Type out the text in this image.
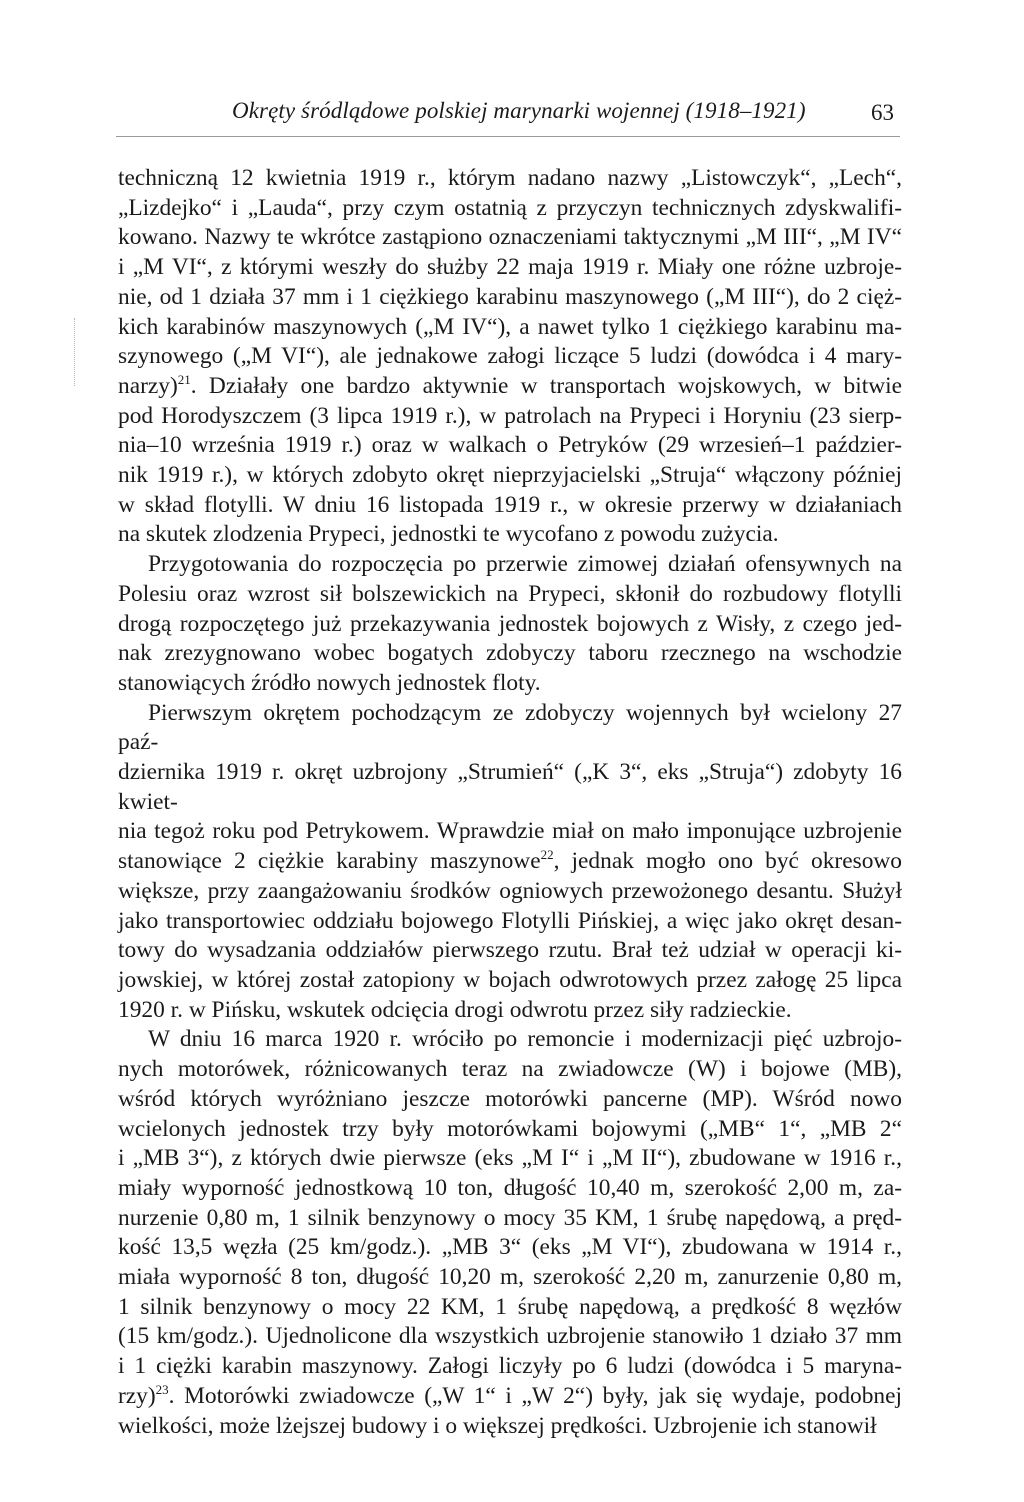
Okręty śródlądowe polskiej marynarki wojennej (1918–1921)	63
techniczną 12 kwietnia 1919 r., którym nadano nazwy „Listowczyk“, „Lech“,
„Lizdejko“ i „Lauda“, przy czym ostatnią z przyczyn technicznych zdyskwalifi-
kowano. Nazwy te wkrótce zastąpiono oznaczeniami taktycznymi „M III“, „M IV“
i „M VI“, z którymi weszły do służby 22 maja 1919 r. Miały one różne uzbroje-
nie, od 1 działa 37 mm i 1 ciężkiego karabinu maszynowego („M III“), do 2 cięż-
kich karabinów maszynowych („M IV“), a nawet tylko 1 ciężkiego karabinu ma-
szynowego („M VI“), ale jednakowe załogi liczące 5 ludzi (dowódca i 4 mary-
narzy)$^{21}$. Działały one bardzo aktywnie w transportach wojskowych, w bitwie
pod Horodyszczem (3 lipca 1919 r.), w patrolach na Prypeci i Horyniu (23 sierp-
nia–10 września 1919 r.) oraz w walkach o Petryków (29 wrzesień–1 paździer-
nik 1919 r.), w których zdobyto okręt nieprzyjacielski „Struja“ włączony później
w skład flotylli. W dniu 16 listopada 1919 r., w okresie przerwy w działaniach
na skutek zlodzenia Prypeci, jednostki te wycofano z powodu zużycia.
Przygotowania do rozpoczęcia po przerwie zimowej działań ofensywnych na
Polesiu oraz wzrost sił bolszewickich na Prypeci, skłonił do rozbudowy flotylli
drogą rozpoczętego już przekazywania jednostek bojowych z Wisły, z czego jed-
nak zrezygnowano wobec bogatych zdobyczy taboru rzecznego na wschodzie
stanowiących źródło nowych jednostek floty.
Pierwszym okrętem pochodzącym ze zdobyczy wojennych był wcielony 27 paź-
dziernika 1919 r. okręt uzbrojony „Strumień“ („K 3“, eks „Struja“) zdobyty 16 kwiet-
nia tegoż roku pod Petrykowem. Wprawdzie miał on mało imponujące uzbrojenie
stanowiące 2 ciężkie karabiny maszynowe$^{22}$, jednak mogło ono być okresowo
większe, przy zaangażowaniu środków ogniowych przewożonego desantu. Służył
jako transportowiec oddziału bojowego Flotylli Pińskiej, a więc jako okręt desan-
towy do wysadzania oddziałów pierwszego rzutu. Brał też udział w operacji ki-
jowskiej, w której został zatopiony w bojach odwrotowych przez załogę 25 lipca
1920 r. w Pińsku, wskutek odcięcia drogi odwrotu przez siły radzieckie.
W dniu 16 marca 1920 r. wróciło po remoncie i modernizacji pięć uzbrojo-
nych motorówek, różnicowanych teraz na zwiadowcze (W) i bojowe (MB),
wśród których wyróżniano jeszcze motorówki pancerne (MP). Wśród nowo
wcielonych jednostek trzy były motorówkami bojowymi („MB“ 1“, „MB 2“
i „MB 3“), z których dwie pierwsze (eks „M I“ i „M II“), zbudowane w 1916 r.,
miały wyporność jednostkową 10 ton, długość 10,40 m, szerokość 2,00 m, za-
nurzenie 0,80 m, 1 silnik benzynowy o mocy 35 KM, 1 śrubę napędową, a pręd-
kość 13,5 węzła (25 km/godz.). „MB 3“ (eks „M VI“), zbudowana w 1914 r.,
miała wyporność 8 ton, długość 10,20 m, szerokość 2,20 m, zanurzenie 0,80 m,
1 silnik benzynowy o mocy 22 KM, 1 śrubę napędową, a prędkość 8 węzłów
(15 km/godz.). Ujednolicone dla wszystkich uzbrojenie stanowiło 1 działo 37 mm
i 1 ciężki karabin maszynowy. Załogi liczyły po 6 ludzi (dowódca i 5 maryna-
rzy)$^{23}$. Motorówki zwiadowcze („W 1“ i „W 2“) były, jak się wydaje, podobnej
wielkości, może lżejszej budowy i o większej prędkości. Uzbrojenie ich stanowił
